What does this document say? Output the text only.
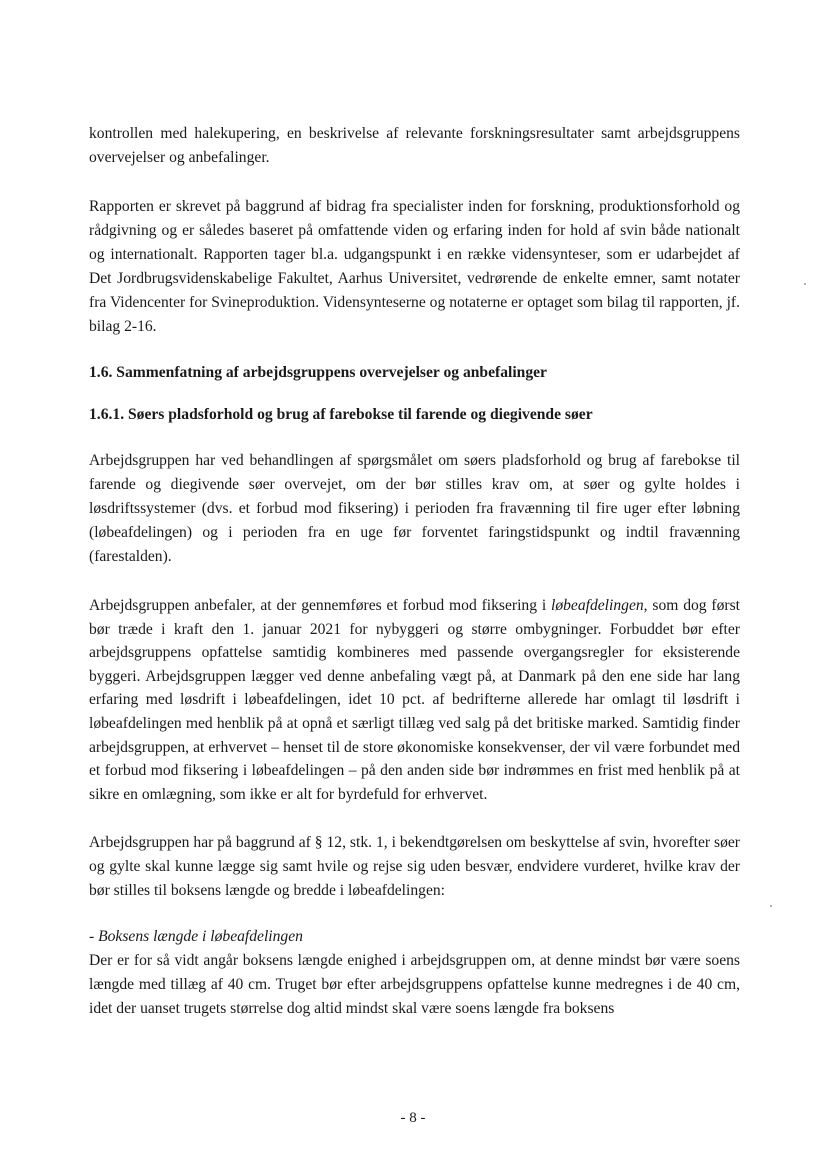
kontrollen med halekupering, en beskrivelse af relevante forskningsresultater samt arbejdsgruppens overvejelser og anbefalinger.

Rapporten er skrevet på baggrund af bidrag fra specialister inden for forskning, produktionsforhold og rådgivning og er således baseret på omfattende viden og erfaring inden for hold af svin både nationalt og internationalt. Rapporten tager bl.a. udgangspunkt i en række vidensynteser, som er udarbejdet af Det Jordbrugsvidenskabelige Fakultet, Aarhus Universitet, vedrørende de enkelte emner, samt notater fra Videncenter for Svineproduktion. Vidensynteserne og notaterne er optaget som bilag til rapporten, jf. bilag 2-16.

1.6. Sammenfatning af arbejdsgruppens overvejelser og anbefalinger
1.6.1. Søers pladsforhold og brug af farebokse til farende og diegivende søer

Arbejdsgruppen har ved behandlingen af spørgsmålet om søers pladsforhold og brug af farebokse til farende og diegivende søer overvejet, om der bør stilles krav om, at søer og gylte holdes i løsdriftssystemer (dvs. et forbud mod fiksering) i perioden fra fravænning til fire uger efter løbning (løbeafdelingen) og i perioden fra en uge før forventet faringstidspunkt og indtil fravænning (farestalden).

Arbejdsgruppen anbefaler, at der gennemføres et forbud mod fiksering i løbeafdelingen, som dog først bør træde i kraft den 1. januar 2021 for nybyggeri og større ombygninger. Forbuddet bør efter arbejdsgruppens opfattelse samtidig kombineres med passende overgangsregler for eksisterende byggeri. Arbejdsgruppen lægger ved denne anbefaling vægt på, at Danmark på den ene side har lang erfaring med løsdrift i løbeafdelingen, idet 10 pct. af bedrifterne allerede har omlagt til løsdrift i løbeafdelingen med henblik på at opnå et særligt tillæg ved salg på det britiske marked. Samtidig finder arbejdsgruppen, at erhvervet – henset til de store økonomiske konsekvenser, der vil være forbundet med et forbud mod fiksering i løbeafdelingen – på den anden side bør indrømmes en frist med henblik på at sikre en omlægning, som ikke er alt for byrdefuld for erhvervet.

Arbejdsgruppen har på baggrund af § 12, stk. 1, i bekendtgørelsen om beskyttelse af svin, hvorefter søer og gylte skal kunne lægge sig samt hvile og rejse sig uden besvær, endvidere vurderet, hvilke krav der bør stilles til boksens længde og bredde i løbeafdelingen:

- Boksens længde i løbeafdelingen

Der er for så vidt angår boksens længde enighed i arbejdsgruppen om, at denne mindst bør være soens længde med tillæg af 40 cm. Truget bør efter arbejdsgruppens opfattelse kunne medregnes i de 40 cm, idet der uanset trugets størrelse dog altid mindst skal være soens længde fra boksens

- 8 -
